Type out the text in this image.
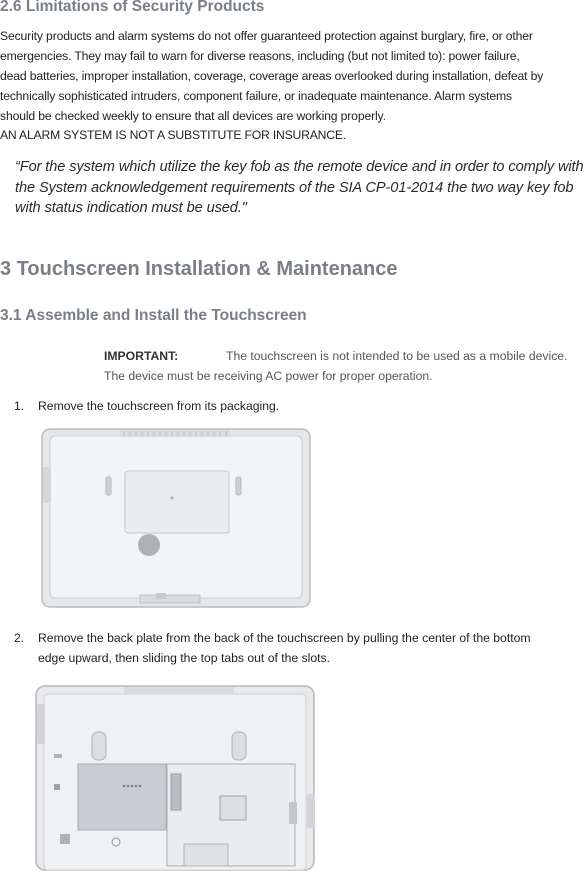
2.6 Limitations of Security Products
Security products and alarm systems do not offer guaranteed protection against burglary, fire, or other
emergencies. They may fail to warn for diverse reasons, including (but not limited to): power failure,
dead batteries, improper installation, coverage, coverage areas overlooked during installation, defeat by
technically sophisticated intruders, component failure, or inadequate maintenance. Alarm systems
should be checked weekly to ensure that all devices are working properly.
AN ALARM SYSTEM IS NOT A SUBSTITUTE FOR INSURANCE.
“For the system which utilize the key fob as the remote device and in order to comply with
the System acknowledgement requirements of the SIA CP-01-2014 the two way key fob
with status indication must be used."
3 Touchscreen Installation & Maintenance
3.1 Assemble and Install the Touchscreen
IMPORTANT:	The touchscreen is not intended to be used as a mobile device.
The device must be receiving AC power for proper operation.
1. Remove the touchscreen from its packaging.
2. Remove the back plate from the back of the touchscreen by pulling the center of the bottom
edge upward, then sliding the top tabs out of the slots.
